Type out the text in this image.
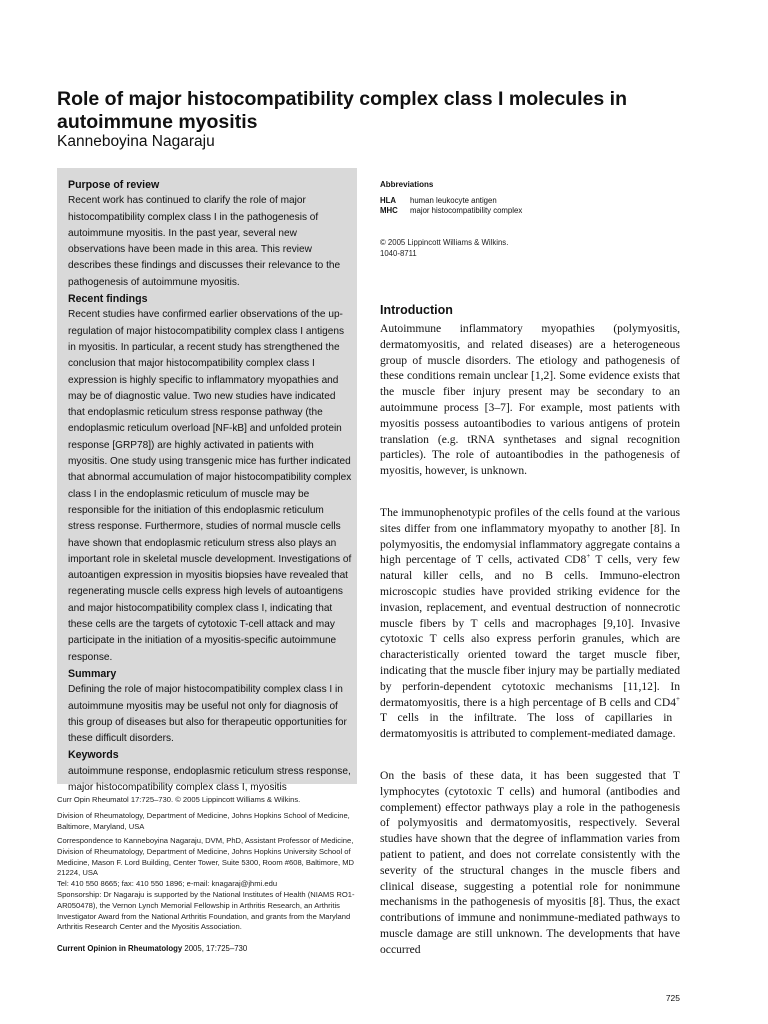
Role of major histocompatibility complex class I molecules in autoimmune myositis
Kanneboyina Nagaraju
Purpose of review

Recent work has continued to clarify the role of major histocompatibility complex class I in the pathogenesis of autoimmune myositis. In the past year, several new observations have been made in this area. This review describes these findings and discusses their relevance to the pathogenesis of autoimmune myositis.

Recent findings

Recent studies have confirmed earlier observations of the up-regulation of major histocompatibility complex class I antigens in myositis. In particular, a recent study has strengthened the conclusion that major histocompatibility complex class I expression is highly specific to inflammatory myopathies and may be of diagnostic value. Two new studies have indicated that endoplasmic reticulum stress response pathway (the endoplasmic reticulum overload [NF-kB] and unfolded protein response [GRP78]) are highly activated in patients with myositis. One study using transgenic mice has further indicated that abnormal accumulation of major histocompatibility complex class I in the endoplasmic reticulum of muscle may be responsible for the initiation of this endoplasmic reticulum stress response. Furthermore, studies of normal muscle cells have shown that endoplasmic reticulum stress also plays an important role in skeletal muscle development. Investigations of autoantigen expression in myositis biopsies have revealed that regenerating muscle cells express high levels of autoantigens and major histocompatibility complex class I, indicating that these cells are the targets of cytotoxic T-cell attack and may participate in the initiation of a myositis-specific autoimmune response.

Summary

Defining the role of major histocompatibility complex class I in autoimmune myositis may be useful not only for diagnosis of this group of diseases but also for therapeutic opportunities for these difficult disorders.

Keywords

autoimmune response, endoplasmic reticulum stress response, major histocompatibility complex class I, myositis

Curr Opin Rheumatol 17:725–730. © 2005 Lippincott Williams & Wilkins.

Division of Rheumatology, Department of Medicine, Johns Hopkins School of Medicine, Baltimore, Maryland, USA

Correspondence to Kanneboyina Nagaraju, DVM, PhD, Assistant Professor of Medicine, Division of Rheumatology, Department of Medicine, Johns Hopkins University School of Medicine, Mason F. Lord Building, Center Tower, Suite 5300, Room #608, Baltimore, MD 21224, USA

Tel: 410 550 8665; fax: 410 550 1896; e-mail: knagaraj@jhmi.edu

Sponsorship: Dr Nagaraju is supported by the National Institutes of Health (NIAMS RO1-AR050478), the Vernon Lynch Memorial Fellowship in Arthritis Research, an Arthritis Investigator Award from the National Arthritis Foundation, and grants from the Maryland Arthritis Research Center and the Myositis Association.

Current Opinion in Rheumatology 2005, 17:725–730
Abbreviations
HLA	human leukocyte antigen
MHC	major histocompatibility complex

© 2005 Lippincott Williams & Wilkins.
1040-8711

Introduction

Autoimmune inflammatory myopathies (polymyositis, dermatomyositis, and related diseases) are a heterogeneous group of muscle disorders. The etiology and pathogenesis of these conditions remain unclear [1,2]. Some evidence exists that the muscle fiber injury present may be secondary to an autoimmune process [3–7]. For example, most patients with myositis possess autoantibodies to various antigens of protein translation (e.g. tRNA synthetases and signal recognition particles). The role of autoantibodies in the pathogenesis of myositis, however, is unknown.

The immunophenotypic profiles of the cells found at the various sites differ from one inflammatory myopathy to another [8]. In polymyositis, the endomysial inflammatory aggregate contains a high percentage of T cells, activated CD8+ T cells, very few natural killer cells, and no B cells. Immuno-electron microscopic studies have provided striking evidence for the invasion, replacement, and eventual destruction of nonnecrotic muscle fibers by T cells and macrophages [9,10]. Invasive cytotoxic T cells also express perforin granules, which are characteristically oriented toward the target muscle fiber, indicating that the muscle fiber injury may be partially mediated by perforin-dependent cytotoxic mechanisms [11,12]. In dermatomyositis, there is a high percentage of B cells and CD4+ T cells in the infiltrate. The loss of capillaries in dermatomyositis is attributed to complement-mediated damage.

On the basis of these data, it has been suggested that T lymphocytes (cytotoxic T cells) and humoral (antibodies and complement) effector pathways play a role in the pathogenesis of polymyositis and dermatomyositis, respectively. Several studies have shown that the degree of inflammation varies from patient to patient, and does not correlate consistently with the severity of the structural changes in the muscle fibers and clinical disease, suggesting a potential role for nonimmune mechanisms in the pathogenesis of myositis [8]. Thus, the exact contributions of immune and nonimmune-mediated pathways to muscle damage are still unknown. The developments that have occurred

725
